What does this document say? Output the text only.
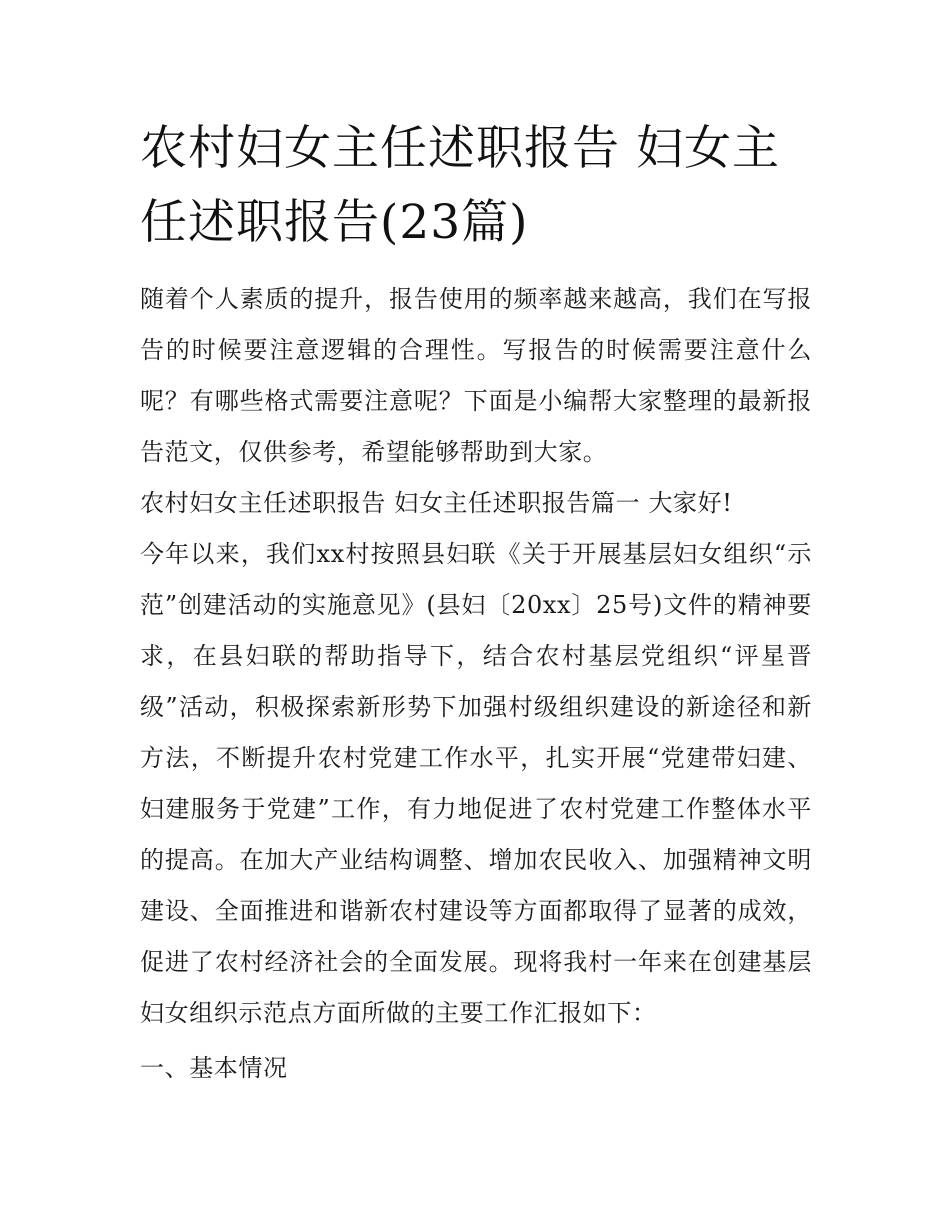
农村妇女主任述职报告 妇女主任述职报告(23篇)

随着个人素质的提升，报告使用的频率越来越高，我们在写报告的时候要注意逻辑的合理性。写报告的时候需要注意什么呢？有哪些格式需要注意呢？下面是小编帮大家整理的最新报告范文，仅供参考，希望能够帮助到大家。

农村妇女主任述职报告 妇女主任述职报告篇一 大家好!

今年以来，我们xx村按照县妇联《关于开展基层妇女组织“示范”创建活动的实施意见》(县妇〔20xx〕25号)文件的精神要求，在县妇联的帮助指导下，结合农村基层党组织“评星晋级”活动，积极探索新形势下加强村级组织建设的新途径和新方法，不断提升农村党建工作水平，扎实开展“党建带妇建、妇建服务于党建”工作，有力地促进了农村党建工作整体水平的提高。在加大产业结构调整、增加农民收入、加强精神文明建设、全面推进和谐新农村建设等方面都取得了显著的成效，促进了农村经济社会的全面发展。现将我村一年来在创建基层妇女组织示范点方面所做的主要工作汇报如下：

一、基本情况
